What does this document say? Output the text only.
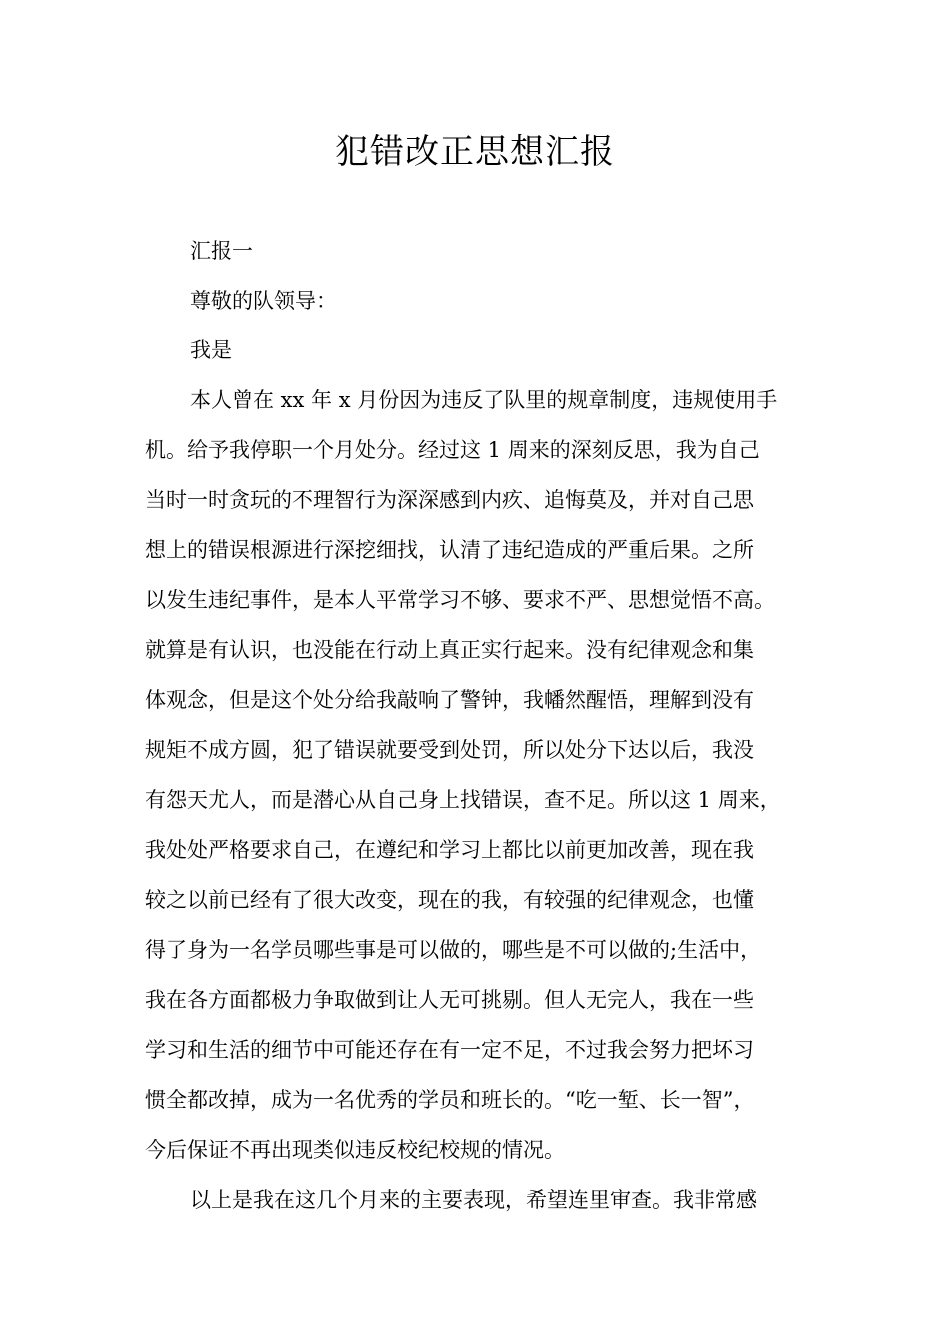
犯错改正思想汇报

汇报一

尊敬的队领导：

我是

本人曾在 xx 年 x 月份因为违反了队里的规章制度，违规使用手

机。给予我停职一个月处分。经过这 1 周来的深刻反思，我为自己

当时一时贪玩的不理智行为深深感到内疚、追悔莫及，并对自己思

想上的错误根源进行深挖细找，认清了违纪造成的严重后果。之所

以发生违纪事件，是本人平常学习不够、要求不严、思想觉悟不高。

就算是有认识，也没能在行动上真正实行起来。没有纪律观念和集

体观念，但是这个处分给我敲响了警钟，我幡然醒悟，理解到没有

规矩不成方圆，犯了错误就要受到处罚，所以处分下达以后，我没

有怨天尤人，而是潜心从自己身上找错误，查不足。所以这 1 周来，

我处处严格要求自己，在遵纪和学习上都比以前更加改善，现在我

较之以前已经有了很大改变，现在的我，有较强的纪律观念，也懂

得了身为一名学员哪些事是可以做的，哪些是不可以做的;生活中，

我在各方面都极力争取做到让人无可挑剔。但人无完人，我在一些

学习和生活的细节中可能还存在有一定不足，不过我会努力把坏习

惯全都改掉，成为一名优秀的学员和班长的。“吃一堑、长一智”，

今后保证不再出现类似违反校纪校规的情况。

以上是我在这几个月来的主要表现，希望连里审查。我非常感
